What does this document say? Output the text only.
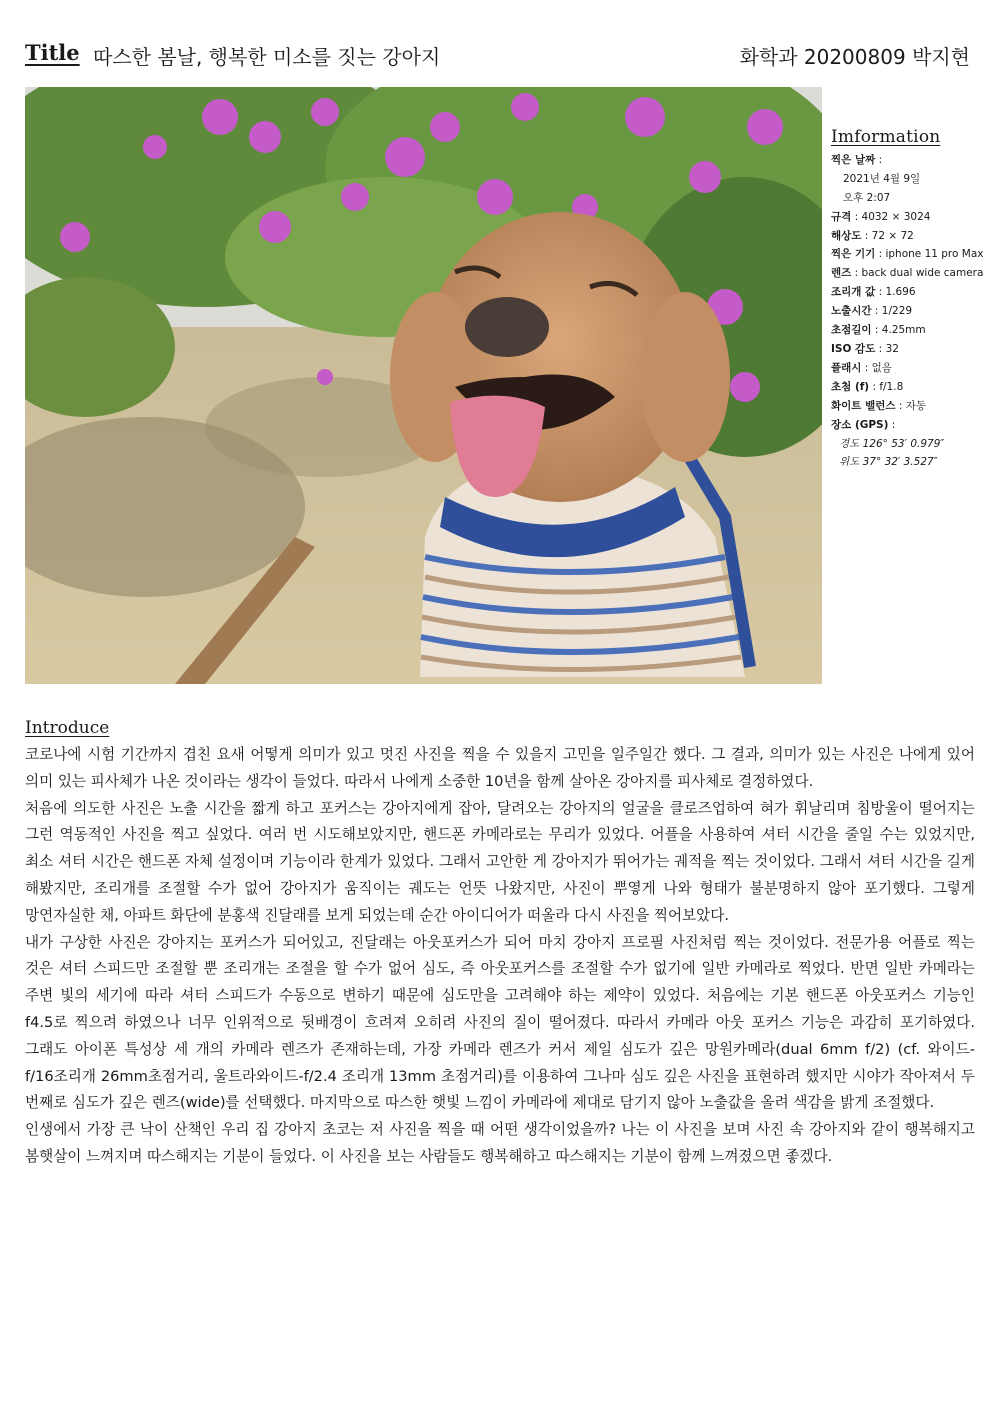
Title 따스한 봄날, 행복한 미소를 짓는 강아지	화학과 20200809 박지현
Imformation
찍은 날짜 :
2021년 4월 9일
오후 2:07
규격 : 4032 × 3024
해상도 : 72 × 72
찍은 기기 : iphone 11 pro Max
렌즈 : back dual wide camera
조리개 값 : 1.696
노출시간 : 1/229
초점길이 : 4.25mm
ISO 감도 : 32
플래시 : 없음
초첨 (f) : f/1.8
화이트 밸런스 : 자동
장소 (GPS) :
경도 126° 53′ 0.979″
위도 37° 32′ 3.527″
Introduce

코로나에 시험 기간까지 겹친 요새 어떻게 의미가 있고 멋진 사진을 찍을 수 있을지 고민을 일주일간 했다. 그 결과, 의미가 있는 사진은 나에게 있어 의미 있는 피사체가 나온 것이라는 생각이 들었다. 따라서 나에게 소중한 10년을 함께 살아온 강아지를 피사체로 결정하였다.

처음에 의도한 사진은 노출 시간을 짧게 하고 포커스는 강아지에게 잡아, 달려오는 강아지의 얼굴을 클로즈업하여 혀가 휘날리며 침방울이 떨어지는 그런 역동적인 사진을 찍고 싶었다. 여러 번 시도해보았지만, 핸드폰 카메라로는 무리가 있었다. 어플을 사용하여 셔터 시간을 줄일 수는 있었지만, 최소 셔터 시간은 핸드폰 자체 설정이며 기능이라 한계가 있었다. 그래서 고안한 게 강아지가 뛰어가는 궤적을 찍는 것이었다. 그래서 셔터 시간을 길게 해봤지만, 조리개를 조절할 수가 없어 강아지가 움직이는 궤도는 언뜻 나왔지만, 사진이 뿌옇게 나와 형태가 불분명하지 않아 포기했다. 그렇게 망연자실한 채, 아파트 화단에 분홍색 진달래를 보게 되었는데 순간 아이디어가 떠올라 다시 사진을 찍어보았다.

내가 구상한 사진은 강아지는 포커스가 되어있고, 진달래는 아웃포커스가 되어 마치 강아지 프로필 사진처럼 찍는 것이었다. 전문가용 어플로 찍는 것은 셔터 스피드만 조절할 뿐 조리개는 조절을 할 수가 없어 심도, 즉 아웃포커스를 조절할 수가 없기에 일반 카메라로 찍었다. 반면 일반 카메라는 주변 빛의 세기에 따라 셔터 스피드가 수동으로 변하기 때문에 심도만을 고려해야 하는 제약이 있었다. 처음에는 기본 핸드폰 아웃포커스 기능인 f4.5로 찍으려 하였으나 너무 인위적으로 뒷배경이 흐려져 오히려 사진의 질이 떨어졌다. 따라서 카메라 아웃 포커스 기능은 과감히 포기하였다. 그래도 아이폰 특성상 세 개의 카메라 렌즈가 존재하는데, 가장 카메라 렌즈가 커서 제일 심도가 깊은 망원카메라(dual 6mm f/2) (cf. 와이드-f/16조리개 26mm초점거리, 울트라와이드-f/2.4 조리개 13mm 초점거리)를 이용하여 그나마 심도 깊은 사진을 표현하려 했지만 시야가 작아져서 두 번째로 심도가 깊은 렌즈(wide)를 선택했다. 마지막으로 따스한 햇빛 느낌이 카메라에 제대로 담기지 않아 노출값을 올려 색감을 밝게 조절했다.

인생에서 가장 큰 낙이 산책인 우리 집 강아지 초코는 저 사진을 찍을 때 어떤 생각이었을까? 나는 이 사진을 보며 사진 속 강아지와 같이 행복해지고 봄햇살이 느껴지며 따스해지는 기분이 들었다. 이 사진을 보는 사람들도 행복해하고 따스해지는 기분이 함께 느껴졌으면 좋겠다.
